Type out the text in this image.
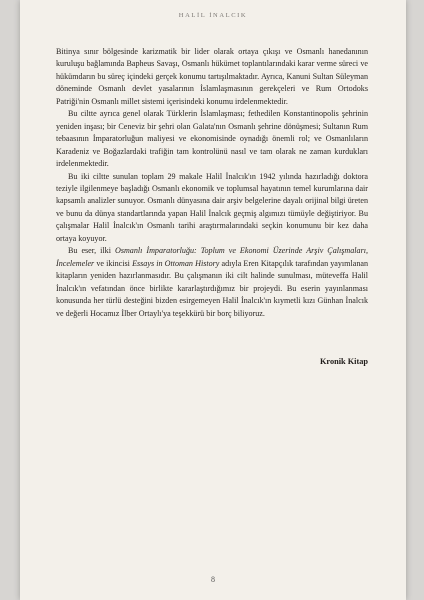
HALİL İNALCIK

Bitinya sınır bölgesinde karizmatik bir lider olarak ortaya çıkışı ve Osmanlı hanedanının kuruluşu bağlamında Bapheus Savaşı, Osmanlı hükümet toplantılarındaki karar verme süreci ve hükümdarın bu süreç içindeki gerçek konumu tartışılmaktadır. Ayrıca, Kanuni Sultan Süleyman döneminde Osmanlı devlet yasalarının İslamlaşmasının gerekçeleri ve Rum Ortodoks Patriği'nin Osmanlı millet sistemi içerisindeki konumu irdelenmektedir.

Bu ciltte ayrıca genel olarak Türklerin İslamlaşması; fethedilen Konstantinopolis şehrinin yeniden inşası; bir Ceneviz bir şehri olan Galata'nın Osmanlı şehrine dönüşmesi; Sultanın Rum tebaasının İmparatorluğun maliyesi ve ekonomisinde oynadığı önemli rol; ve Osmanlıların Karadeniz ve Boğazlardaki trafiğin tam kontrolünü nasıl ve tam olarak ne zaman kurdukları irdelenmektedir.

Bu iki ciltte sunulan toplam 29 makale Halil İnalcık'ın 1942 yılında hazırladığı doktora teziyle ilgilenmeye başladığı Osmanlı ekonomik ve toplumsal hayatının temel kurumlarına dair kapsamlı analizler sunuyor. Osmanlı dünyasına dair arşiv belgelerine dayalı orijinal bilgi üreten ve bunu da dünya standartlarında yapan Halil İnalcık geçmiş algımızı tümüyle değiştiriyor. Bu çalışmalar Halil İnalcık'ın Osmanlı tarihi araştırmalarındaki seçkin konumunu bir kez daha ortaya koyuyor.

Bu eser, ilki Osmanlı İmparatorluğu: Toplum ve Ekonomi Üzerinde Arşiv Çalışmaları, İncelemeler ve ikincisi Essays in Ottoman History adıyla Eren Kitapçılık tarafından yayımlanan kitapların yeniden hazırlanmasıdır. Bu çalışmanın iki cilt halinde sunulması, müteveffa Halil İnalcık'ın vefatından önce birlikte kararlaştırdığımız bir projeydi. Bu eserin yayınlanması konusunda her türlü desteğini bizden esirgemeyen Halil İnalcık'ın kıymetli kızı Günhan İnalcık ve değerli Hocamız İlber Ortaylı'ya teşekkürü bir borç biliyoruz.

Kronik Kitap
8
